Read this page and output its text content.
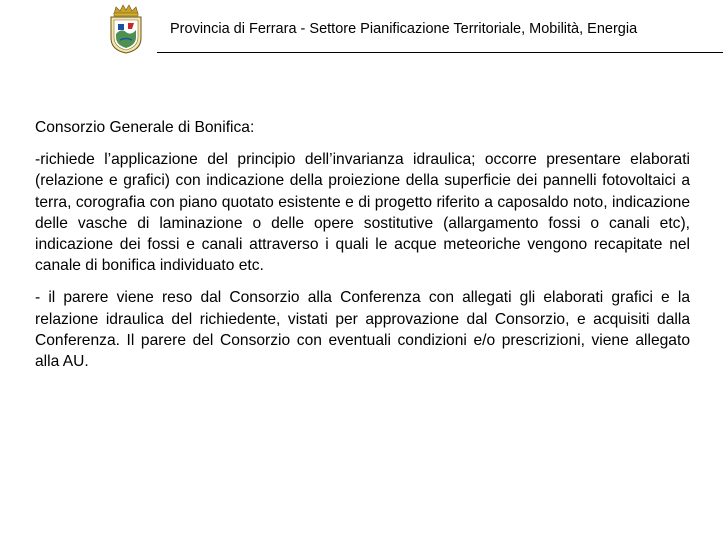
Provincia di Ferrara - Settore Pianificazione Territoriale, Mobilità, Energia

Consorzio Generale di Bonifica:

-richiede l’applicazione del principio dell’invarianza idraulica; occorre presentare elaborati (relazione e grafici) con indicazione della proiezione della superficie dei pannelli fotovoltaici a terra, corografia con piano quotato esistente e di progetto riferito a caposaldo noto, indicazione delle vasche di laminazione o delle opere sostitutive (allargamento fossi o canali etc), indicazione dei fossi e canali attraverso i quali le acque meteoriche vengono recapitate nel canale di bonifica individuato etc.

- il parere viene reso dal Consorzio alla Conferenza con allegati gli elaborati grafici e la relazione idraulica del richiedente, vistati per approvazione dal Consorzio, e acquisiti dalla Conferenza. Il parere del Consorzio con eventuali condizioni e/o prescrizioni, viene allegato alla AU.
